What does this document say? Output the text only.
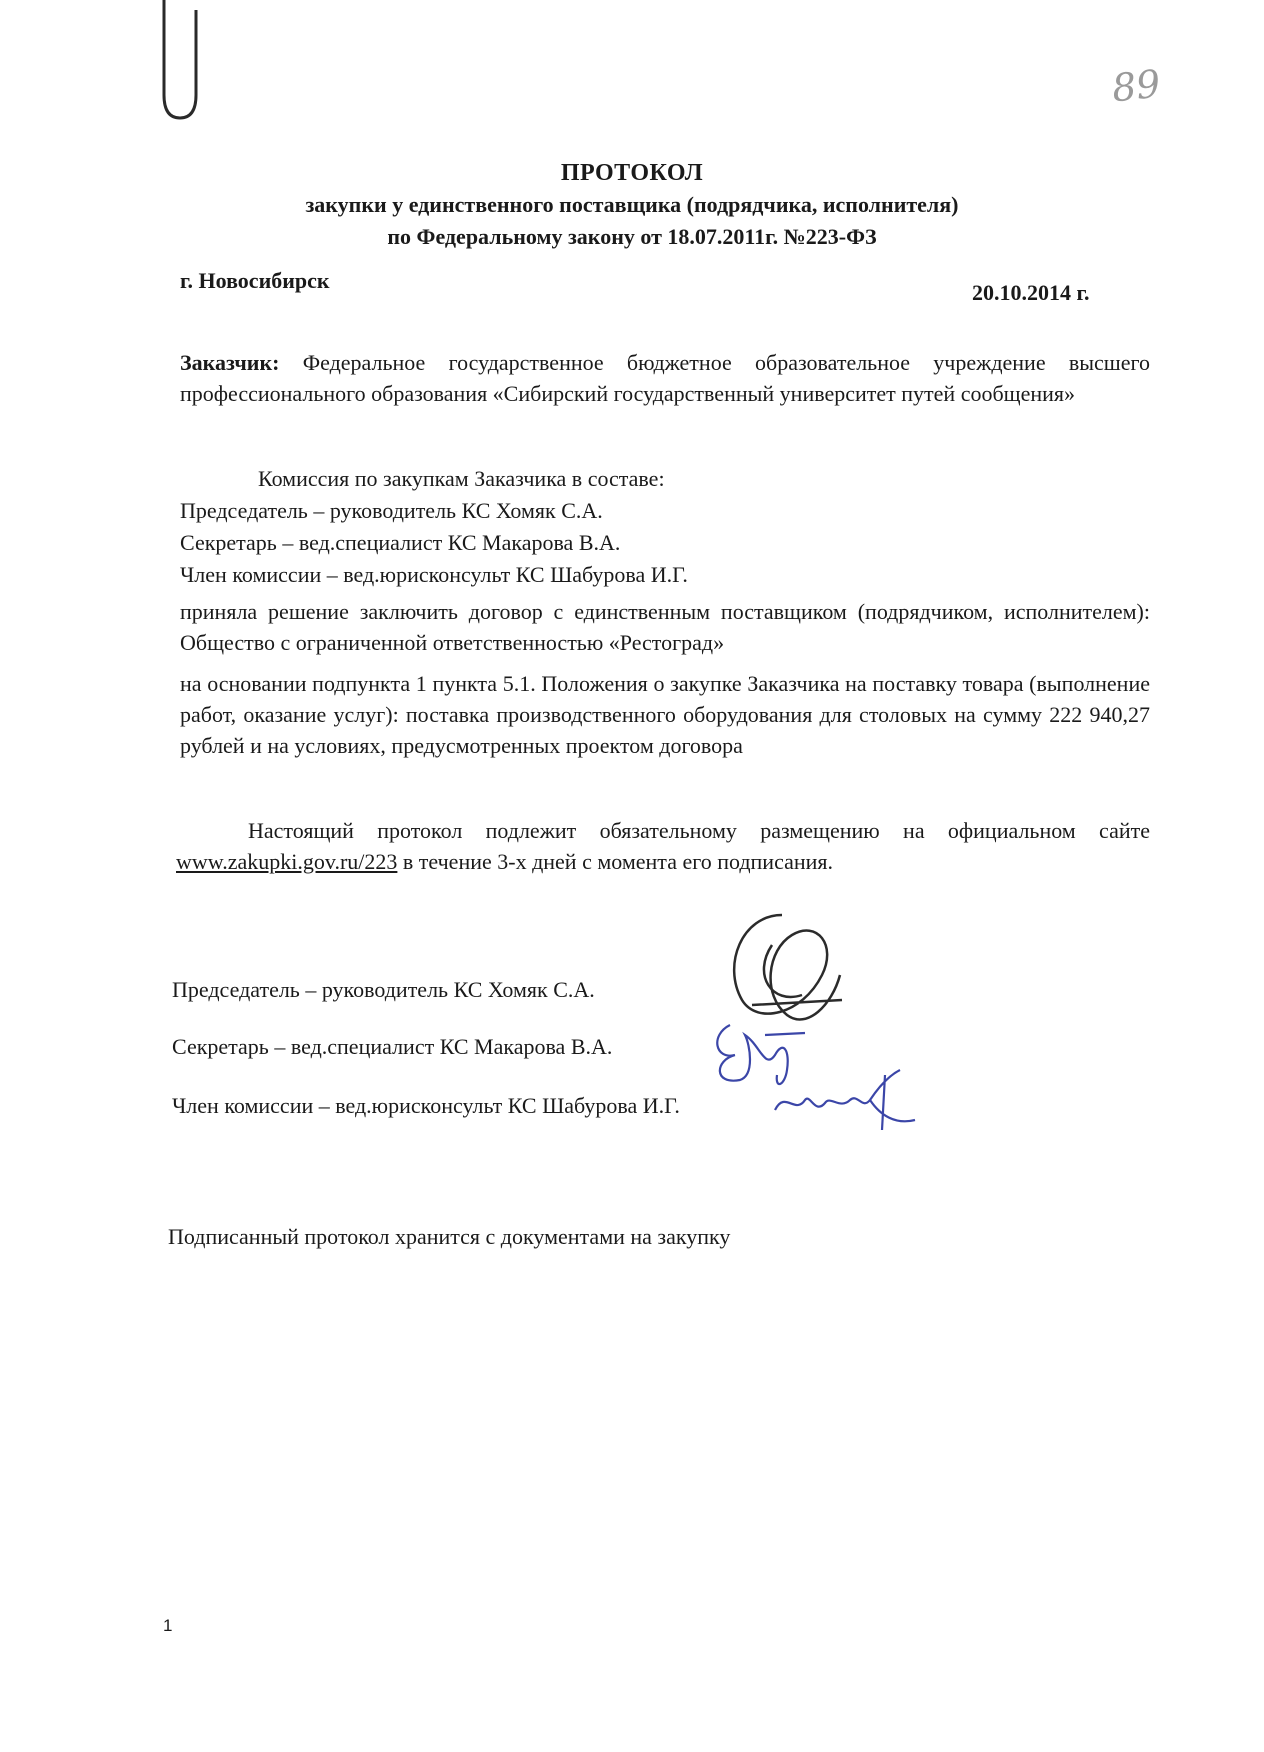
89
ПРОТОКОЛ
закупки у единственного поставщика (подрядчика, исполнителя)
по Федеральному закону от 18.07.2011г. №223-ФЗ
г. Новосибирск	20.10.2014 г.
Заказчик: Федеральное государственное бюджетное образовательное учреждение высшего профессионального образования «Сибирский государственный университет путей сообщения»
Комиссия по закупкам Заказчика в составе:
Председатель – руководитель КС Хомяк С.А.
Секретарь – вед.специалист КС Макарова В.А.
Член комиссии – вед.юрисконсульт КС Шабурова И.Г.
приняла решение заключить договор с единственным поставщиком (подрядчиком, исполнителем): Общество с ограниченной ответственностью «Рестоград»
на основании подпункта 1 пункта 5.1. Положения о закупке Заказчика на поставку товара (выполнение работ, оказание услуг): поставка производственного оборудования для столовых на сумму 222 940,27 рублей и на условиях, предусмотренных проектом договора
Настоящий протокол подлежит обязательному размещению на официальном сайте www.zakupki.gov.ru/223 в течение 3-х дней с момента его подписания.
Председатель – руководитель КС Хомяк С.А.
Секретарь – вед.специалист КС Макарова В.А.
Член комиссии – вед.юрисконсульт КС Шабурова И.Г.
Подписанный протокол хранится с документами на закупку
1
